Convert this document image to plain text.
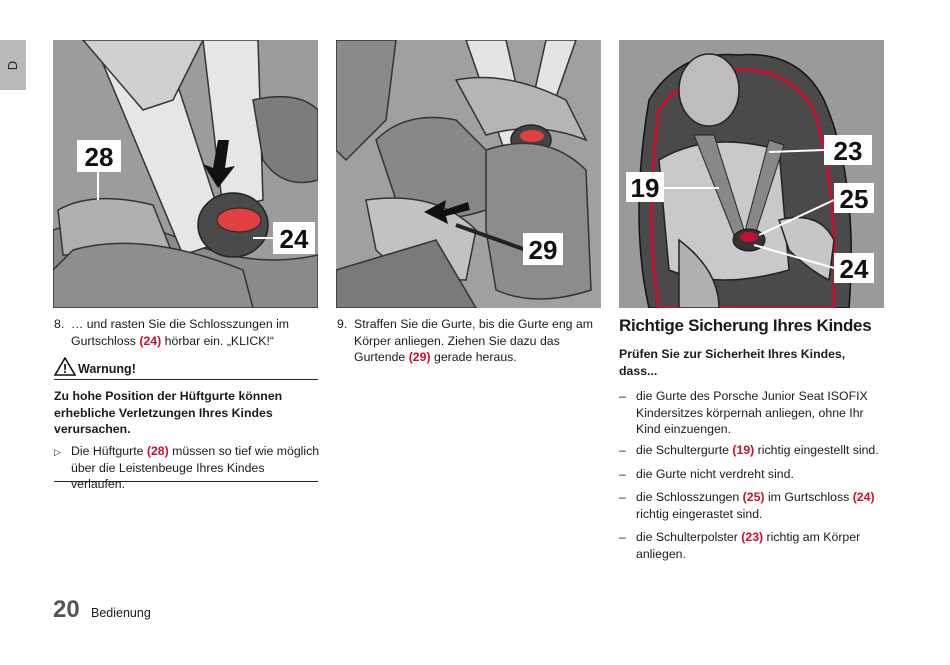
D
28
24	29
23
19	25
24
8. … und rasten Sie die Schlosszungen im Gurtschloss (24) hörbar ein. „KLICK!“
! Warnung!
Zu hohe Position der Hüftgurte können erhebliche Verletzungen Ihres Kindes verursachen.
▷ Die Hüftgurte (28) müssen so tief wie möglich über die Leistenbeuge Ihres Kindes verlaufen.
9. Straffen Sie die Gurte, bis die Gurte eng am Körper anliegen. Ziehen Sie dazu das Gurtende (29) gerade heraus.
Richtige Sicherung Ihres Kindes
Prüfen Sie zur Sicherheit Ihres Kindes, dass...
– die Gurte des Porsche Junior Seat ISOFIX Kindersitzes körpernah anliegen, ohne Ihr Kind einzuengen.
– die Schultergurte (19) richtig eingestellt sind.
– die Gurte nicht verdreht sind.
– die Schlosszungen (25) im Gurtschloss (24) richtig eingerastet sind.
– die Schulterpolster (23) richtig am Körper anliegen.
20 Bedienung
